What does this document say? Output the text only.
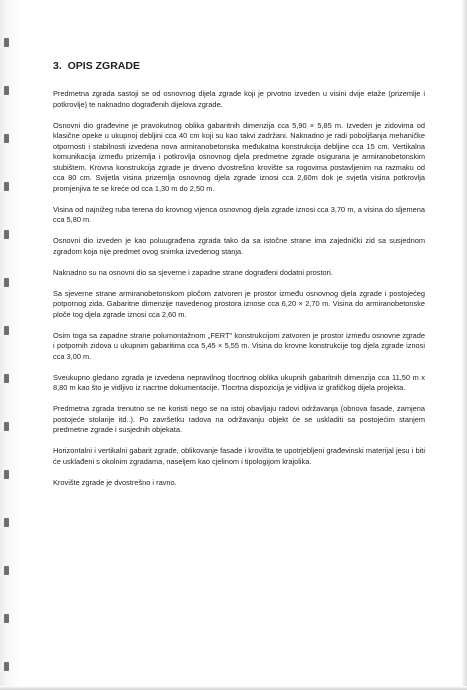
3. OPIS ZGRADE

Predmetna zgrada sastoji se od osnovnog dijela zgrade koji je prvotno izveden u visini dvije etaže (prizemlje i potkrovlje) te naknadno dograđenih dijelova zgrade.

Osnovni dio građevine je pravokutnog oblika gabaritnih dimenzija cca 5,90 × 5,85 m. Izveden je zidovima od klasične opeke u ukupnoj debljini cca 40 cm koji su kao takvi zadržani. Naknadno je radi poboljšanja mehaničke otpornosti i stabilnosti izvedena nova armiranobetonska međukatna konstrukcija debljine cca 15 cm. Vertikalna komunikacija između prizemlja i potkrovlja osnovnog djela predmetne zgrade osigurana je armiranobetonskim stubištem. Krovna konstrukcija zgrade je drveno dvostrešno krovište sa rogovima postavljenim na razmaku od cca 80 cm. Svijetla visina prizemlja osnovnog djela zgrade iznosi cca 2,60m dok je svjetla visina potkrovlja promjenjiva te se kreće od cca 1,30 m do 2,50 m.

Visina od najnižeg ruba terena do krovnog vijenca osnovnog djela zgrade iznosi cca 3,70 m, a visina do sljemena cca 5,80 m.

Osnovni dio izveden je kao poluugrađena zgrada tako da sa istočne strane ima zajednički zid sa susjednom zgradom koja nije predmet ovog snimka izvedenog stanja.

Naknadno su na osnovni dio sa sjeverne i zapadne strane dograđeni dodatni prostori.

Sa sjeverne strane armiranobetonskom pločom zatvoren je prostor između osnovnog djela zgrade i postojećeg potpornog zida. Gabaritne dimenzije navedenog prostora iznose cca 6,20 × 2,70 m. Visina do armiranobetonske ploče tog djela zgrade iznosi cca 2,60 m.

Osim toga sa zapadne strane polumontažnom „FERT" konstrukcijom zatvoren je prostor između osnovne zgrade i potpornih zidova u ukupnim gabaritima cca 5,45 × 5,55 m. Visina do krovne konstrukcije tog djela zgrade iznosi cca 3,00 m.

Sveukupno gledano zgrada je izvedena nepravilnog tlocrtnog oblika ukupnih gabaritnih dimenzija cca 11,50 m x 8,80 m kao što je vidljivo iz nacrtne dokumentacije. Tlocrtna dispozicija je vidljiva iz grafičkog dijela projekta.

Predmetna zgrada trenutno se ne koristi nego se na istoj obavljaju radovi održavanja (obnova fasade, zamjena postojeće stolarije itd..). Po završetku radova na održavanju objekt će se uskladiti sa postojećim stanjem predmetne zgrade i susjednih objekata.

Horizontalni i vertikalni gabarit zgrade, oblikovanje fasade i krovišta te upotrjebljeni građevinski materijal jesu i biti će usklađeni s okolnim zgradama, naseljem kao cjelinom i tipologijom krajolika.

Krovište zgrade je dvostrešno i ravno.
